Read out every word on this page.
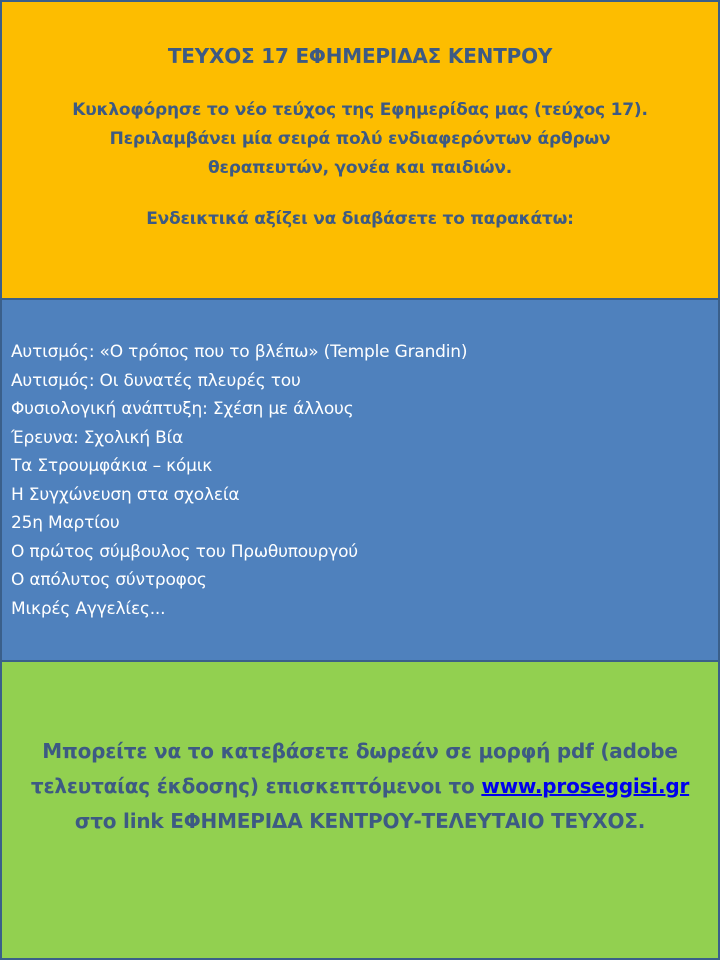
ΤΕΥΧΟΣ 17 ΕΦΗΜΕΡΙΔΑΣ ΚΕΝΤΡΟΥ
Κυκλοφόρησε το νέο τεύχος της Εφημερίδας μας (τεύχος 17).
Περιλαμβάνει μία σειρά πολύ ενδιαφερόντων άρθρων
θεραπευτών, γονέα και παιδιών.
Ενδεικτικά αξίζει να διαβάσετε το παρακάτω:
Αυτισμός: «Ο τρόπος που το βλέπω» (Temple Grandin)
Αυτισμός: Οι δυνατές πλευρές του
Φυσιολογική ανάπτυξη: Σχέση με άλλους
Έρευνα: Σχολική Βία
Τα Στρουμφάκια – κόμικ
Η Συγχώνευση στα σχολεία
25η Μαρτίου
Ο πρώτος σύμβουλος του Πρωθυπουργού
Ο απόλυτος σύντροφος
Μικρές Αγγελίες...
Μπορείτε να το κατεβάσετε δωρεάν σε μορφή pdf (adobe τελευταίας έκδοσης) επισκεπτόμενοι το www.proseggisi.gr στο link ΕΦΗΜΕΡΙΔΑ ΚΕΝΤΡΟΥ-ΤΕΛΕΥΤΑΙΟ ΤΕΥΧΟΣ.
